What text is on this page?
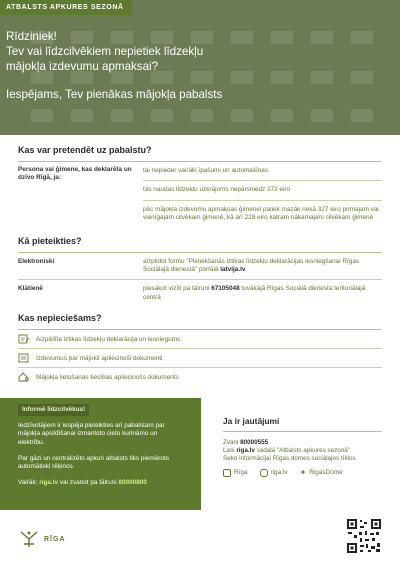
ATBALSTS APKURES SEZONĀ
Rīdziniek!
Tev vai līdzcilvēkiem nepietiek līdzekļu
mājokļa izdevumu apmaksai?
Iespējams, Tev pienākas mājokļa pabalsts
Kas var pretendēt uz pabalstu?
Persona vai ģimene, kas deklarēta un dzīvo Rīgā, ja:
tai nepieder vairāki īpašumi un automašīnas
tās naudas līdzekļu uzkrājums nepārsniedz 272 eiro
pēc mājokļa izdevumu apmaksas ģimenei paliek mazāk nekā 327 eiro pirmajam vai vienīgajam cilvēkam ģimenē, kā arī 228 eiro katram nākamajam cilvēkam ģimenē
Kā pieteikties?
Elektroniski	aizpildot formu "Pieteikšanās iztikas līdzekļu deklarācijas iesniegšanai Rīgas Sociālajā dienestā" portālā latvija.lv
Klātienē	piesakot vizīti pa tālruni 67105048 tuvākajā Rīgas Sociālā dienesta teritoriālajā centrā
Kas nepieciešams?
Aizpildīta iztikas līdzekļu deklarācija un iesniegums
Izdevumus par mājokli apliecinoši dokumenti
Mājokļa lietošanas tiesības apliecinošs dokuments
Informē līdzcilvēkus!

Iedzīvotājiem ir iespēja pieteikties arī pabalstam par mājokļa apsildīšanai izmantoto cieto kurināmo un elektrību.

Par gāzi un centralizēto apkuri atbalsts tiks piemērots automātiski rēķinos.

Vairāk: riga.lv vai zvanot pa tālruni 80000800

Ja ir jautājumi
Zvani 80000555
Lasi riga.lv sadaļā "Atbalsts apkures sezonā"
Seko informācijai Rīgas domes sociālajos tīklos
Rīga	riga.lv ✦ RigasDome
RĪGA
